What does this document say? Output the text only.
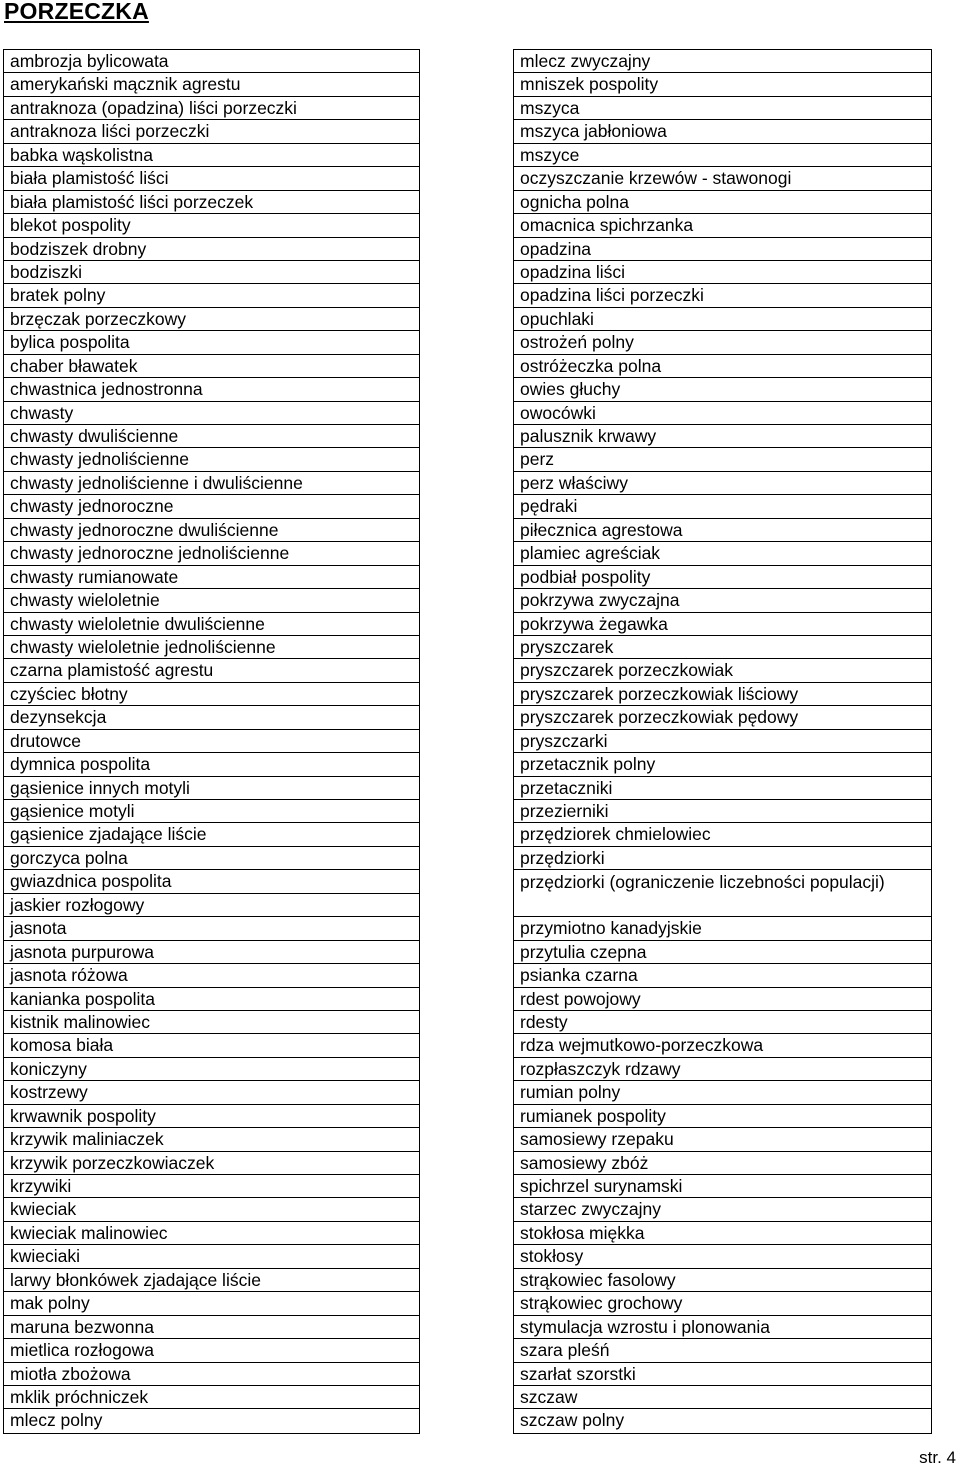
PORZECZKA
ambrozja bylicowata
amerykański mącznik agrestu
antraknoza (opadzina) liści porzeczki
antraknoza liści porzeczki
babka wąskolistna
biała plamistość liści
biała plamistość liści porzeczek
blekot pospolity
bodziszek drobny
bodziszki
bratek polny
brzęczak porzeczkowy
bylica pospolita
chaber bławatek
chwastnica jednostronna
chwasty
chwasty dwuliścienne
chwasty jednoliścienne
chwasty jednoliścienne i dwuliścienne
chwasty jednoroczne
chwasty jednoroczne dwuliścienne
chwasty jednoroczne jednoliścienne
chwasty rumianowate
chwasty wieloletnie
chwasty wieloletnie dwuliścienne
chwasty wieloletnie jednoliścienne
czarna plamistość agrestu
czyściec błotny
dezynsekcja
drutowce
dymnica pospolita
gąsienice innych motyli
gąsienice motyli
gąsienice zjadające liście
gorczyca polna
gwiazdnica pospolita
jaskier rozłogowy
jasnota
jasnota purpurowa
jasnota różowa
kanianka pospolita
kistnik malinowiec
komosa biała
koniczyny
kostrzewy
krwawnik pospolity
krzywik maliniaczek
krzywik porzeczkowiaczek
krzywiki
kwieciak
kwieciak malinowiec
kwieciaki
larwy błonkówek zjadające liście
mak polny
maruna bezwonna
mietlica rozłogowa
miotła zbożowa
mklik próchniczek
mlecz polny
mlecz zwyczajny
mniszek pospolity
mszyca
mszyca jabłoniowa
mszyce
oczyszczanie krzewów - stawonogi
ognicha polna
omacnica spichrzanka
opadzina
opadzina liści
opadzina liści porzeczki
opuchlaki
ostrożeń polny
ostróżeczka polna
owies głuchy
owocówki
palusznik krwawy
perz
perz właściwy
pędraki
piłecznica agrestowa
plamiec agreściak
podbiał pospolity
pokrzywa zwyczajna
pokrzywa żegawka
pryszczarek
pryszczarek porzeczkowiak
pryszczarek porzeczkowiak liściowy
pryszczarek porzeczkowiak pędowy
pryszczarki
przetacznik polny
przetaczniki
przezierniki
przędziorek chmielowiec
przędziorki
przędziorki (ograniczenie liczebności populacji)
przymiotno kanadyjskie
przytulia czepna
psianka czarna
rdest powojowy
rdesty
rdza wejmutkowo-porzeczkowa
rozpłaszczyk rdzawy
rumian polny
rumianek pospolity
samosiewy rzepaku
samosiewy zbóż
spichrzel surynamski
starzec zwyczajny
stokłosa miękka
stokłosy
strąkowiec fasolowy
strąkowiec grochowy
stymulacja wzrostu i plonowania
szara pleśń
szarłat szorstki
szczaw
szczaw polny
str. 4
